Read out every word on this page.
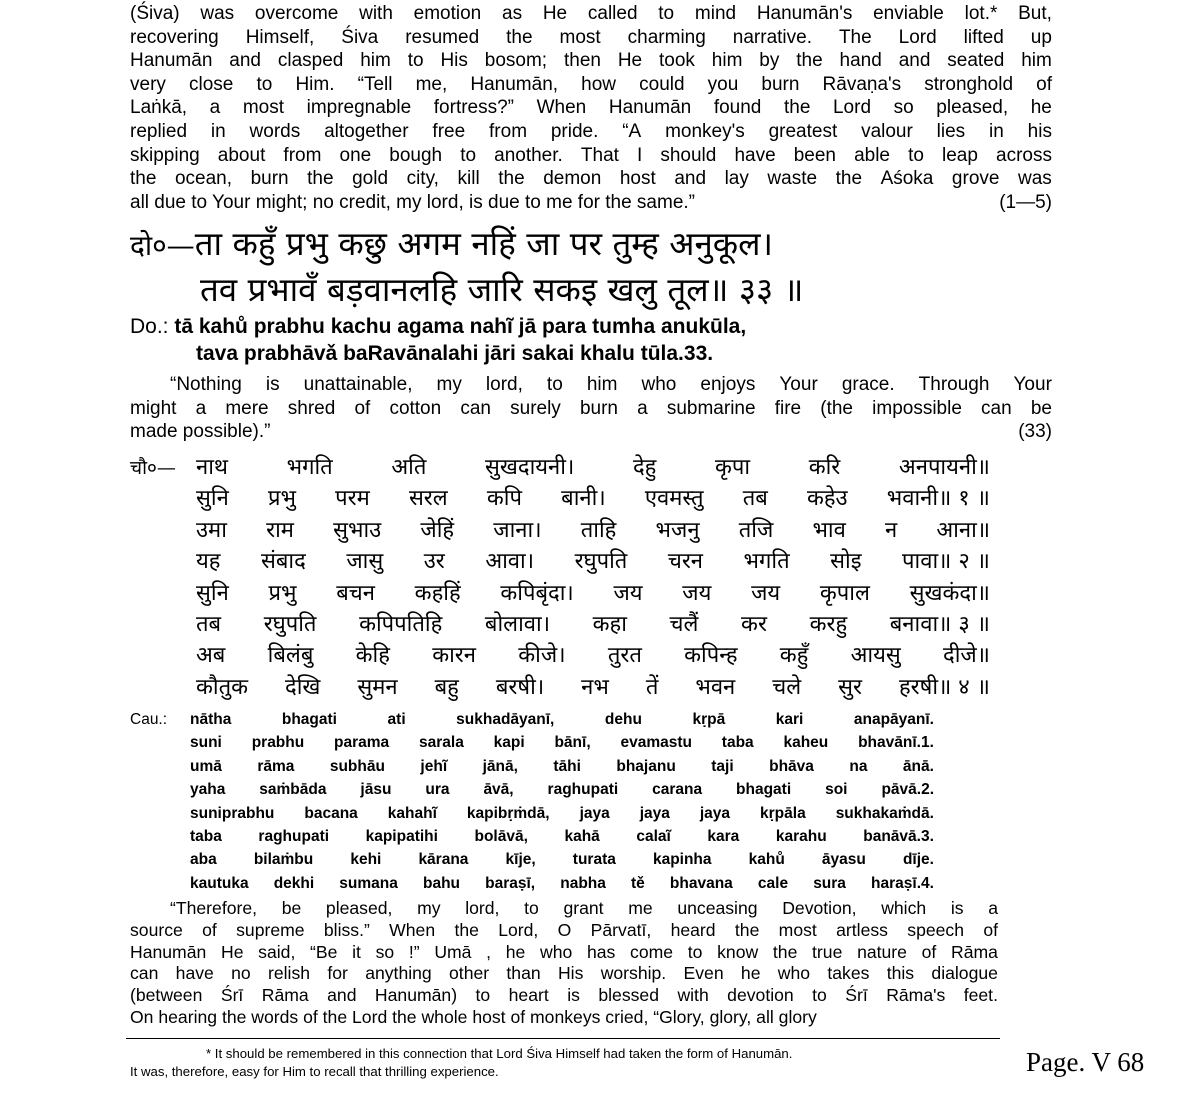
(Śiva) was overcome with emotion as He called to mind Hanumān's enviable lot.* But,
recovering Himself, Śiva resumed the most charming narrative. The Lord lifted up
Hanumān and clasped him to His bosom; then He took him by the hand and seated him
very close to Him. “Tell me, Hanumān, how could you burn Rāvaṇa's stronghold of
Laṅkā, a most impregnable fortress?” When Hanumān found the Lord so pleased, he
replied in words altogether free from pride. “A monkey's greatest valour lies in his
skipping about from one bough to another. That I should have been able to leap across
the ocean, burn the gold city, kill the demon host and lay waste the Aśoka grove was
all due to Your might; no credit, my lord, is due to me for the same.”	(1—5)
दो०—ता कहुँ प्रभु कछु अगम नहिं जा पर तुम्ह अनुकूल।
तव प्रभावँ बड़वानलहि जारि सकइ खलु तूल॥ ३३ ॥
Do.: tā kahů prabhu kachu agama nahĩ jā para tumha anukūla,
tava prabhāvǎ baRavānalahi jāri sakai khalu tūla.33.
“Nothing is unattainable, my lord, to him who enjoys Your grace. Through Your
might a mere shred of cotton can surely burn a submarine fire (the impossible can be
made possible).”	(33)
चौ०— नाथ	भगति	अति	सुखदायनी।	देहु	कृपा	करि	अनपायनी॥
सुनि प्रभु परम सरल कपि बानी। एवमस्तु तब कहेउ भवानी॥ १ ॥
उमा राम सुभाउ जेहिं जाना। ताहि भजनु तजि भाव न आना॥
यह संबाद जासु उर आवा। रघुपति चरन भगति सोइ पावा॥ २ ॥
सुनि प्रभु बचन कहहिं कपिबृंदा। जय जय जय कृपाल सुखकंदा॥
तब रघुपति कपिपतिहि बोलावा। कहा चलैं कर करहु बनावा॥ ३ ॥
अब बिलंबु केहि कारन कीजे। तुरत कपिन्ह कहुँ आयसु दीजे॥
कौतुक देखि सुमन बहु बरषी। नभ तें भवन चले सुर हरषी॥ ४ ॥
Cau.:	nātha	bhagati	ati	sukhadāyanī,	dehu	kṛpā	kari	anapāyanī.
suni prabhu parama sarala kapi bānī, evamastu taba kaheu bhavānī.1.
umā rāma subhāu jehĩ jānā, tāhi bhajanu taji bhāva na ānā.
yaha saṁbāda jāsu ura āvā, raghupati carana bhagati soi pāvā.2.
suniprabhu bacana kahahĩ kapibṛṁdā, jaya jaya jaya kṛpāla sukhakaṁdā.
taba raghupati kapipatihi bolāvā, kahā calaĩ kara karahu banāvā.3.
aba bilaṁbu kehi kārana kīje, turata kapinha kahů āyasu dīje.
kautuka dekhi sumana bahu baraṣī, nabha tě bhavana cale sura haraṣī.4.
“Therefore, be pleased, my lord, to grant me unceasing Devotion, which is a
source of supreme bliss.” When the Lord, O Pārvatī, heard the most artless speech of
Hanumān He said, “Be it so !” Umā , he who has come to know the true nature of Rāma
can have no relish for anything other than His worship. Even he who takes this dialogue
(between Śrī Rāma and Hanumān) to heart is blessed with devotion to Śrī Rāma's feet.
On hearing the words of the Lord the whole host of monkeys cried, “Glory, glory, all glory
* It should be remembered in this connection that Lord Śiva Himself had taken the form of Hanumān.
It was, therefore, easy for Him to recall that thrilling experience.	Page. V 68
